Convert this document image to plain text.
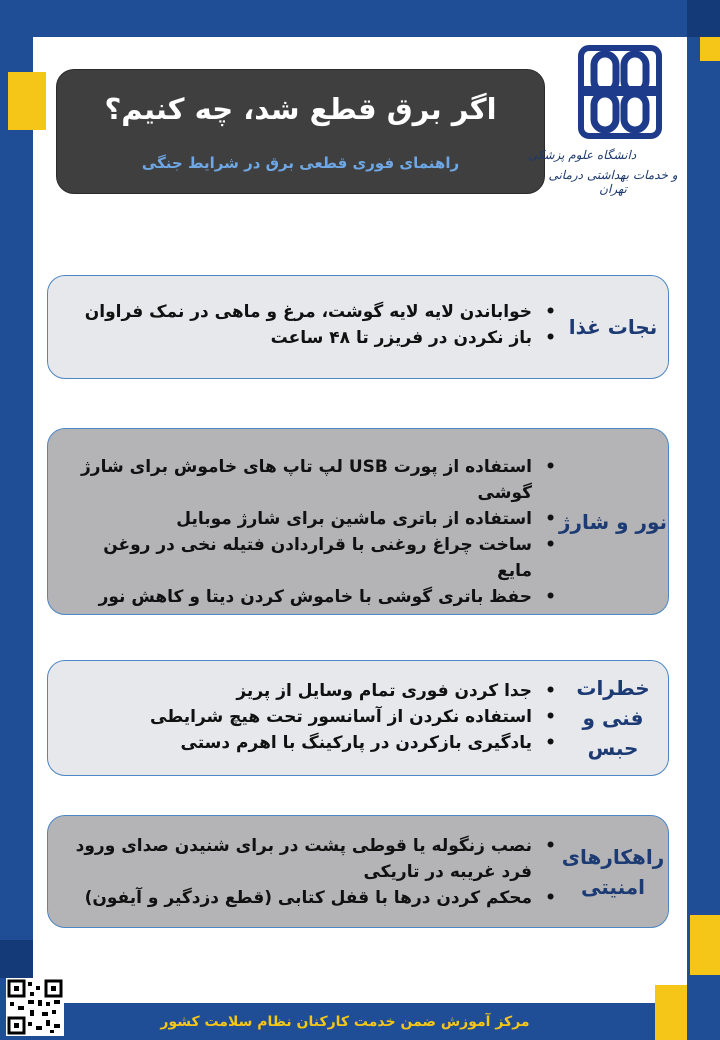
اگر برق قطع شد، چه کنیم؟
راهنمای فوری قطعی برق در شرایط جنگی	دانشگاه علوم پزشکی
و خدمات بهداشتی درمانی تهران
نجات غذا
• خواباندن لایه لایه گوشت، مرغ و ماهی در نمک فراوان
• باز نکردن در فریزر تا ۴۸ ساعت
نور و شارژ
• استفاده از پورت USB لپ تاپ های خاموش برای شارژ گوشی
• استفاده از باتری ماشین برای شارژ موبایل
• ساخت چراغ روغنی با قراردادن فتیله نخی در روغن مایع
• حفظ باتری گوشی با خاموش کردن دیتا و کاهش نور
خطرات فنی و حبس
• جدا کردن فوری تمام وسایل از پریز
• استفاده نکردن از آسانسور تحت هیچ شرایطی
• یادگیری بازکردن در پارکینگ با اهرم دستی
راهکارهای امنیتی
• نصب زنگوله یا قوطی پشت در برای شنیدن صدای ورود فرد غریبه در تاریکی
• محکم کردن درها با قفل کتابی (قطع دزدگیر و آیفون)
مرکز آموزش ضمن خدمت کارکنان نظام سلامت کشور
